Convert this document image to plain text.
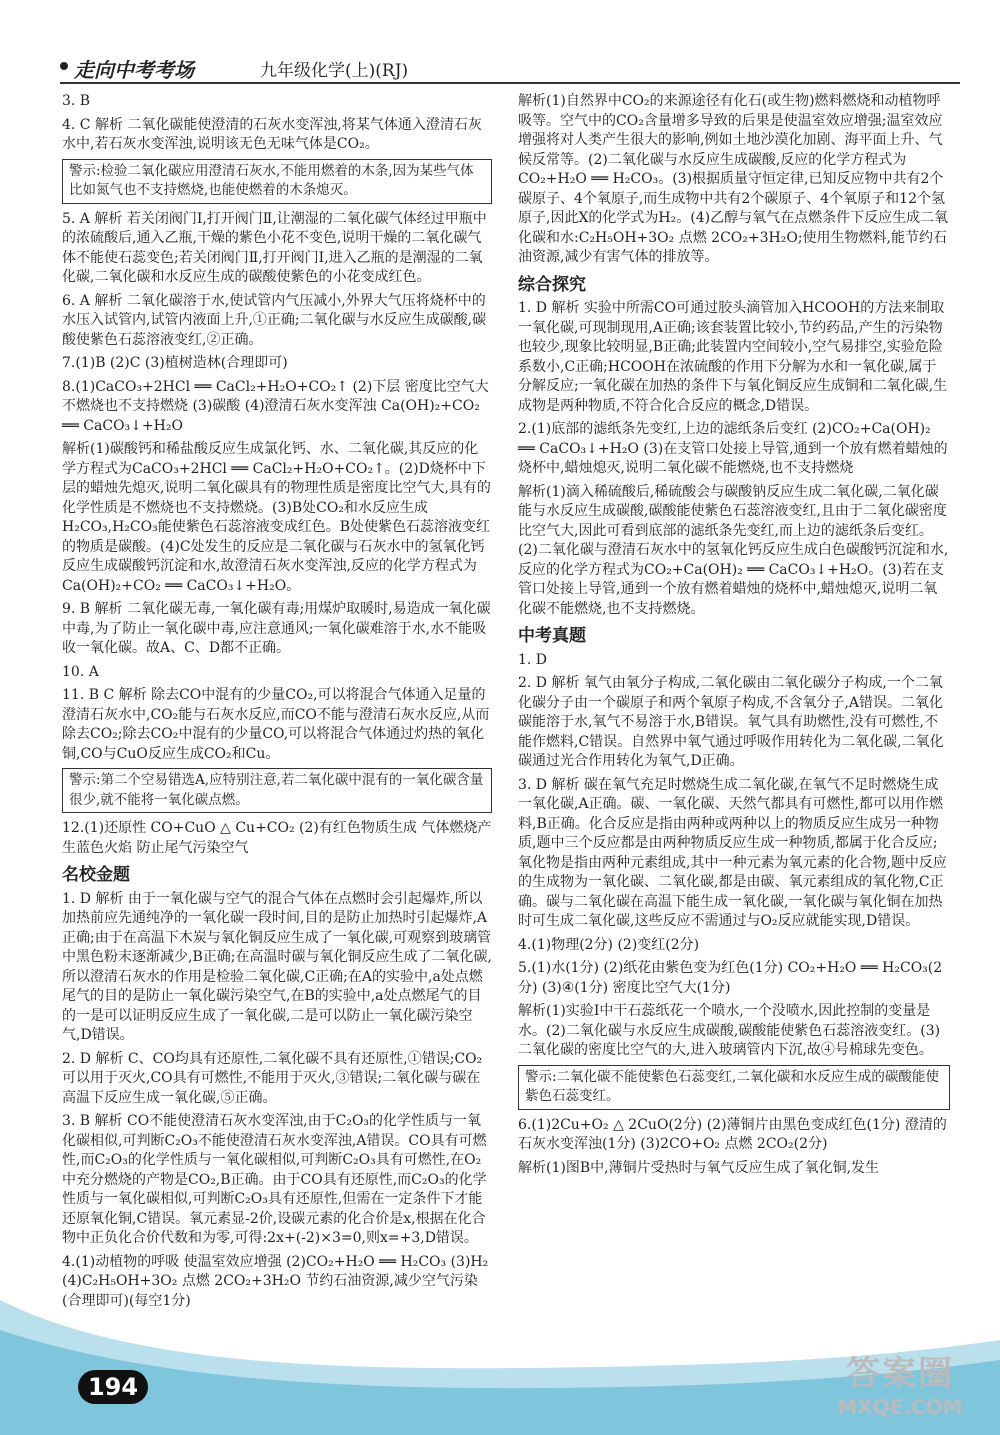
走向中考考场	九年级化学(上)(RJ)
3. B
4. C 解析 二氧化碳能使澄清的石灰水变浑浊,将某气体通入澄清石灰水中,若石灰水变浑浊,说明该无色无味气体是CO₂。
警示:检验二氧化碳应用澄清石灰水,不能用燃着的木条,因为某些气体比如氮气也不支持燃烧,也能使燃着的木条熄灭。
5. A 解析 若关闭阀门Ⅰ,打开阀门Ⅱ,让潮湿的二氧化碳气体经过甲瓶中的浓硫酸后,通入乙瓶,干燥的紫色小花不变色,说明干燥的二氧化碳气体不能使石蕊变色;若关闭阀门Ⅱ,打开阀门Ⅰ,进入乙瓶的是潮湿的二氧化碳,二氧化碳和水反应生成的碳酸使紫色的小花变成红色。
6. A 解析 二氧化碳溶于水,使试管内气压减小,外界大气压将烧杯中的水压入试管内,试管内液面上升,①正确;二氧化碳与水反应生成碳酸,碳酸使紫色石蕊溶液变红,②正确。
7.(1)B (2)C (3)植树造林(合理即可)
8.(1)CaCO₃+2HCl ══ CaCl₂+H₂O+CO₂↑ (2)下层 密度比空气大 不燃烧也不支持燃烧 (3)碳酸 (4)澄清石灰水变浑浊 Ca(OH)₂+CO₂ ══ CaCO₃↓+H₂O
解析(1)碳酸钙和稀盐酸反应生成氯化钙、水、二氧化碳,其反应的化学方程式为CaCO₃+2HCl ══ CaCl₂+H₂O+CO₂↑。(2)D烧杯中下层的蜡烛先熄灭,说明二氧化碳具有的物理性质是密度比空气大,具有的化学性质是不燃烧也不支持燃烧。(3)B处CO₂和水反应生成H₂CO₃,H₂CO₃能使紫色石蕊溶液变成红色。B处使紫色石蕊溶液变红的物质是碳酸。(4)C处发生的反应是二氧化碳与石灰水中的氢氧化钙反应生成碳酸钙沉淀和水,故澄清石灰水变浑浊,反应的化学方程式为Ca(OH)₂+CO₂ ══ CaCO₃↓+H₂O。
9. B 解析 二氧化碳无毒,一氧化碳有毒;用煤炉取暖时,易造成一氧化碳中毒,为了防止一氧化碳中毒,应注意通风;一氧化碳难溶于水,水不能吸收一氧化碳。故A、C、D都不正确。
10. A
11. B C 解析 除去CO中混有的少量CO₂,可以将混合气体通入足量的澄清石灰水中,CO₂能与石灰水反应,而CO不能与澄清石灰水反应,从而除去CO₂;除去CO₂中混有的少量CO,可以将混合气体通过灼热的氧化铜,CO与CuO反应生成CO₂和Cu。
警示:第二个空易错选A,应特别注意,若二氧化碳中混有的一氧化碳含量很少,就不能将一氧化碳点燃。
12.(1)还原性 CO+CuO △ Cu+CO₂ (2)有红色物质生成 气体燃烧产生蓝色火焰 防止尾气污染空气
名校金题
1. D 解析 由于一氧化碳与空气的混合气体在点燃时会引起爆炸,所以加热前应先通纯净的一氧化碳一段时间,目的是防止加热时引起爆炸,A正确;由于在高温下木炭与氧化铜反应生成了一氧化碳,可观察到玻璃管中黑色粉末逐渐减少,B正确;在高温时碳与氧化铜反应生成了二氧化碳,所以澄清石灰水的作用是检验二氧化碳,C正确;在A的实验中,a处点燃尾气的目的是防止一氧化碳污染空气,在B的实验中,a处点燃尾气的目的一是可以证明反应生成了一氧化碳,二是可以防止一氧化碳污染空气,D错误。
2. D 解析 C、CO均具有还原性,二氧化碳不具有还原性,①错误;CO₂可以用于灭火,CO具有可燃性,不能用于灭火,③错误;二氧化碳与碳在高温下反应生成一氧化碳,⑤正确。
3. B 解析 CO不能使澄清石灰水变浑浊,由于C₂O₃的化学性质与一氧化碳相似,可判断C₂O₃不能使澄清石灰水变浑浊,A错误。CO具有可燃性,而C₂O₃的化学性质与一氧化碳相似,可判断C₂O₃具有可燃性,在O₂中充分燃烧的产物是CO₂,B正确。由于CO具有还原性,而C₂O₃的化学性质与一氧化碳相似,可判断C₂O₃具有还原性,但需在一定条件下才能还原氧化铜,C错误。氧元素显-2价,设碳元素的化合价是x,根据在化合物中正负化合价代数和为零,可得:2x+(-2)×3=0,则x=+3,D错误。
4.(1)动植物的呼吸 使温室效应增强 (2)CO₂+H₂O ══ H₂CO₃ (3)H₂ (4)C₂H₅OH+3O₂ 点燃 2CO₂+3H₂O 节约石油资源,减少空气污染(合理即可)(每空1分)
解析(1)自然界中CO₂的来源途径有化石(或生物)燃料燃烧和动植物呼吸等。空气中的CO₂含量增多导致的后果是使温室效应增强;温室效应增强将对人类产生很大的影响,例如土地沙漠化加剧、海平面上升、气候反常等。(2)二氧化碳与水反应生成碳酸,反应的化学方程式为CO₂+H₂O ══ H₂CO₃。(3)根据质量守恒定律,已知反应物中共有2个碳原子、4个氧原子,而生成物中共有2个碳原子、4个氧原子和12个氢原子,因此X的化学式为H₂。(4)乙醇与氧气在点燃条件下反应生成二氧化碳和水:C₂H₅OH+3O₂ 点燃 2CO₂+3H₂O;使用生物燃料,能节约石油资源,减少有害气体的排放等。
综合探究
1. D 解析 实验中所需CO可通过胶头滴管加入HCOOH的方法来制取一氧化碳,可现制现用,A正确;该套装置比较小,节约药品,产生的污染物也较少,现象比较明显,B正确;此装置内空间较小,空气易排空,实验危险系数小,C正确;HCOOH在浓硫酸的作用下分解为水和一氧化碳,属于分解反应;一氧化碳在加热的条件下与氧化铜反应生成铜和二氧化碳,生成物是两种物质,不符合化合反应的概念,D错误。
2.(1)底部的滤纸条先变红,上边的滤纸条后变红 (2)CO₂+Ca(OH)₂ ══ CaCO₃↓+H₂O (3)在支管口处接上导管,通到一个放有燃着蜡烛的烧杯中,蜡烛熄灭,说明二氧化碳不能燃烧,也不支持燃烧
解析(1)滴入稀硫酸后,稀硫酸会与碳酸钠反应生成二氧化碳,二氧化碳能与水反应生成碳酸,碳酸能使紫色石蕊溶液变红,且由于二氧化碳密度比空气大,因此可看到底部的滤纸条先变红,而上边的滤纸条后变红。(2)二氧化碳与澄清石灰水中的氢氧化钙反应生成白色碳酸钙沉淀和水,反应的化学方程式为CO₂+Ca(OH)₂ ══ CaCO₃↓+H₂O。(3)若在支管口处接上导管,通到一个放有燃着蜡烛的烧杯中,蜡烛熄灭,说明二氧化碳不能燃烧,也不支持燃烧。
中考真题
1. D
2. D 解析 氧气由氧分子构成,二氧化碳由二氧化碳分子构成,一个二氧化碳分子由一个碳原子和两个氧原子构成,不含氧分子,A错误。二氧化碳能溶于水,氧气不易溶于水,B错误。氧气具有助燃性,没有可燃性,不能作燃料,C错误。自然界中氧气通过呼吸作用转化为二氧化碳,二氧化碳通过光合作用转化为氧气,D正确。
3. D 解析 碳在氧气充足时燃烧生成二氧化碳,在氧气不足时燃烧生成一氧化碳,A正确。碳、一氧化碳、天然气都具有可燃性,都可以用作燃料,B正确。化合反应是指由两种或两种以上的物质反应生成另一种物质,题中三个反应都是由两种物质反应生成一种物质,都属于化合反应;氧化物是指由两种元素组成,其中一种元素为氧元素的化合物,题中反应的生成物为一氧化碳、二氧化碳,都是由碳、氧元素组成的氧化物,C正确。碳与二氧化碳在高温下能生成一氧化碳,一氧化碳与氧化铜在加热时可生成二氧化碳,这些反应不需通过与O₂反应就能实现,D错误。
4.(1)物理(2分) (2)变红(2分)
5.(1)水(1分) (2)纸花由紫色变为红色(1分) CO₂+H₂O ══ H₂CO₃(2分) (3)④(1分) 密度比空气大(1分)
解析(1)实验Ⅰ中干石蕊纸花一个喷水,一个没喷水,因此控制的变量是水。(2)二氧化碳与水反应生成碳酸,碳酸能使紫色石蕊溶液变红。(3)二氧化碳的密度比空气的大,进入玻璃管内下沉,故④号棉球先变色。
警示:二氧化碳不能使紫色石蕊变红,二氧化碳和水反应生成的碳酸能使紫色石蕊变红。
6.(1)2Cu+O₂ △ 2CuO(2分) (2)薄铜片由黑色变成红色(1分) 澄清的石灰水变浑浊(1分) (3)2CO+O₂ 点燃 2CO₂(2分)
解析(1)图B中,薄铜片受热时与氧气反应生成了氧化铜,发生
194	答案圈
MXQE.COM
